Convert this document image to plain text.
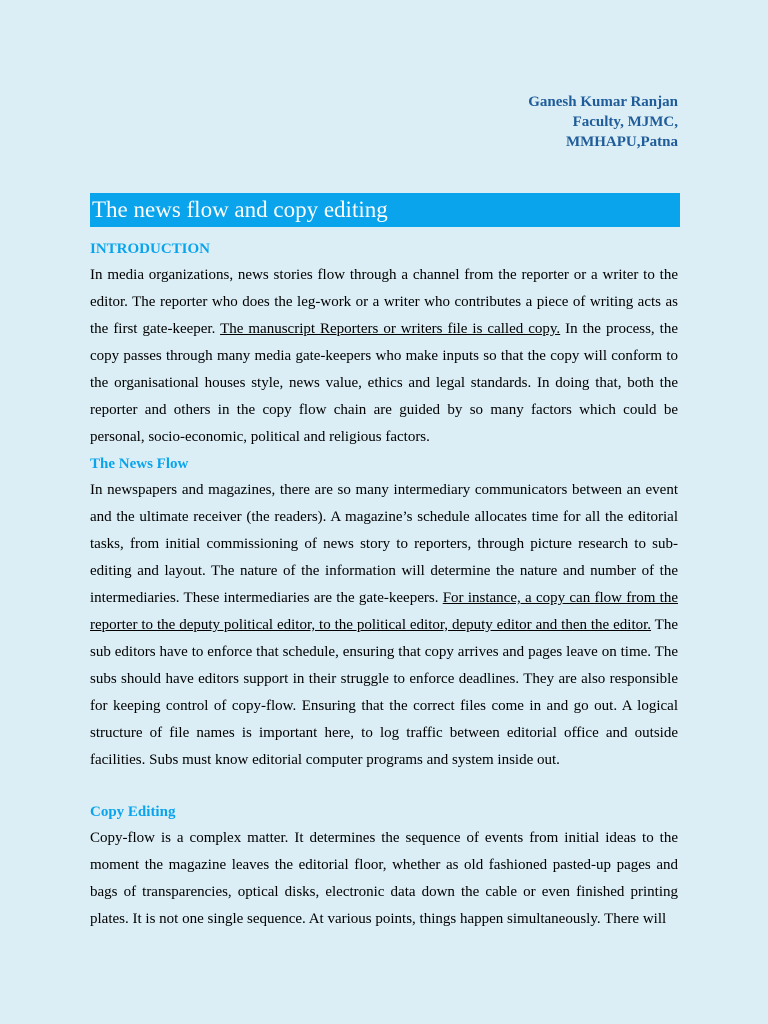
Ganesh Kumar Ranjan
Faculty, MJMC,
MMHAPU,Patna
The news flow and copy editing
INTRODUCTION
In media organizations, news stories flow through a channel from the reporter or a writer to the editor. The reporter who does the leg-work or a writer who contributes a piece of writing acts as the first gate-keeper. The manuscript Reporters or writers file is called copy. In the process, the copy passes through many media gate-keepers who make inputs so that the copy will conform to the organisational houses style, news value, ethics and legal standards. In doing that, both the reporter and others in the copy flow chain are guided by so many factors which could be personal, socio-economic, political and religious factors.
The News Flow
In newspapers and magazines, there are so many intermediary communicators between an event and the ultimate receiver (the readers). A magazine’s schedule allocates time for all the editorial tasks, from initial commissioning of news story to reporters, through picture research to sub-editing and layout. The nature of the information will determine the nature and number of the intermediaries. These intermediaries are the gate-keepers. For instance, a copy can flow from the reporter to the deputy political editor, to the political editor, deputy editor and then the editor. The sub editors have to enforce that schedule, ensuring that copy arrives and pages leave on time. The subs should have editors support in their struggle to enforce deadlines. They are also responsible for keeping control of copy-flow. Ensuring that the correct files come in and go out. A logical structure of file names is important here, to log traffic between editorial office and outside facilities. Subs must know editorial computer programs and system inside out.
Copy Editing
Copy-flow is a complex matter. It determines the sequence of events from initial ideas to the moment the magazine leaves the editorial floor, whether as old fashioned pasted-up pages and bags of transparencies, optical disks, electronic data down the cable or even finished printing plates. It is not one single sequence. At various points, things happen simultaneously. There will
